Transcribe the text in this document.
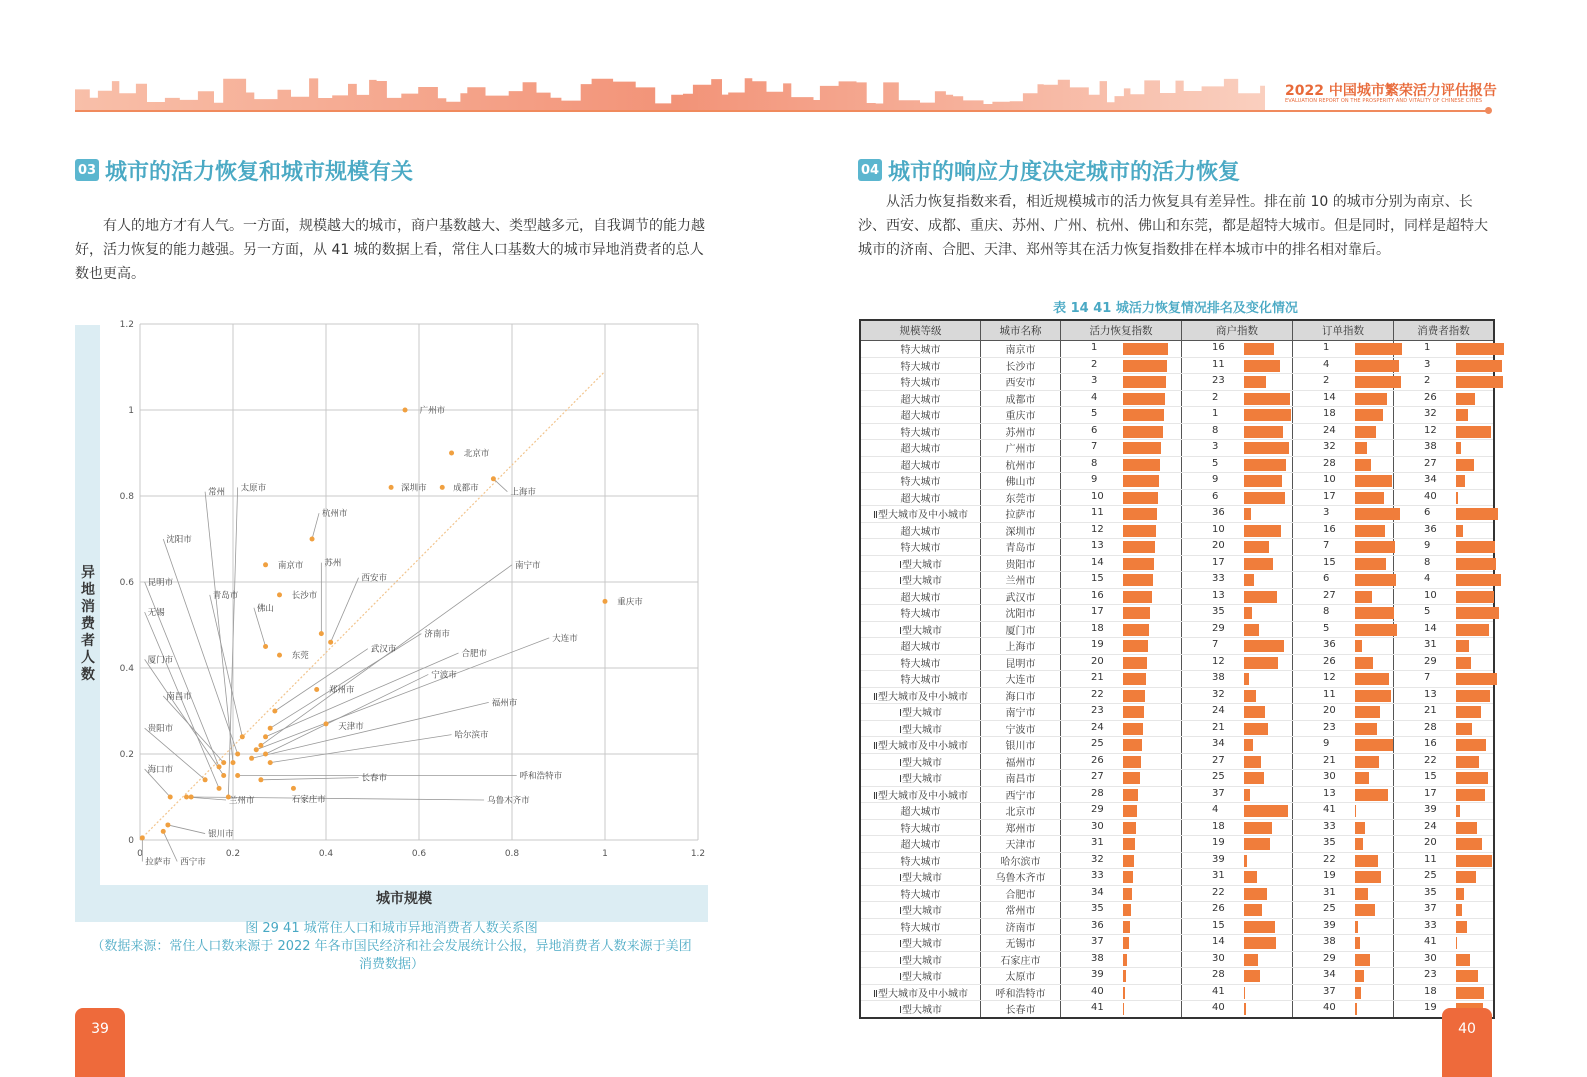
2022 中国城市繁荣活力评估报告
EVALUATION REPORT ON THE PROSPERITY AND VITALITY OF CHINESE CITIES
03 城市的活力恢复和城市规模有关

有人的地方才有人气。一方面，规模越大的城市，商户基数越大、类型越多元，自我调节的能力越好，活力恢复的能力越强。另一方面，从 41 城的数据上看，常住人口基数大的城市异地消费者的总人数也更高。

异
地
消
费
者
人
数
0	0.2	0.4	0.6	0.8	1	1.2
0
0.2
0.4
0.6
0.8
1
1.2
广州市
北京市
深圳市	成都市	上海市
重庆市
杭州市
南京市
长沙市
苏州
西安市
东莞
佛山
郑州市
武汉市
天津市
济南市
合肥市
南宁市
大连市
宁波市
福州市
哈尔滨市
长春市	呼和浩特市
石家庄市	乌鲁木齐市
兰州市
太原市
常州
沈阳市
昆明市
青岛市
无锡
厦门市
南昌市
贵阳市
海口市
银川市
拉萨市 西宁市
城市规模
图 29 41 城常住人口和城市异地消费者人数关系图
（数据来源：常住人口数来源于 2022 年各市国民经济和社会发展统计公报，异地消费者人数来源于美团消费数据）
04 城市的响应力度决定城市的活力恢复

从活力恢复指数来看，相近规模城市的活力恢复具有差异性。排在前 10 的城市分别为南京、长沙、西安、成都、重庆、苏州、广州、杭州、佛山和东莞，都是超特大城市。但是同时，同样是超特大城市的济南、合肥、天津、郑州等其在活力恢复指数排在样本城市中的排名相对靠后。

表 14 41 城活力恢复情况排名及变化情况
规模等级	城市名称	活力恢复指数	商户指数	订单指数	消费者指数
特大城市	南京市	1	16	1	1

特大城市	长沙市	2	11	4	3

特大城市	西安市	3	23	2	2

超大城市	成都市	4	2	14	26

超大城市	重庆市	5	1	18	32

特大城市	苏州市	6	8	24	12

超大城市	广州市	7	3	32	38

超大城市	杭州市	8	5	28	27

特大城市	佛山市	9	9	10	34

超大城市	东莞市	10	6	17	40

Ⅱ型大城市及中小城市	拉萨市	11	36	3	6

超大城市	深圳市	12	10	16	36

特大城市	青岛市	13	20	7	9

Ⅰ型大城市	贵阳市	14	17	15	8

Ⅰ型大城市	兰州市	15	33	6	4

超大城市	武汉市	16	13	27	10

特大城市	沈阳市	17	35	8	5

Ⅰ型大城市	厦门市	18	29	5	14

超大城市	上海市	19	7	36	31

特大城市	昆明市	20	12	26	29

特大城市	大连市	21	38	12	7

Ⅱ型大城市及中小城市	海口市	22	32	11	13

Ⅰ型大城市	南宁市	23	24	20	21

Ⅰ型大城市	宁波市	24	21	23	28

Ⅱ型大城市及中小城市	银川市	25	34	9	16

Ⅰ型大城市	福州市	26	27	21	22

Ⅰ型大城市	南昌市	27	25	30	15

Ⅱ型大城市及中小城市	西宁市	28	37	13	17

超大城市	北京市	29	4	41	39

特大城市	郑州市	30	18	33	24

超大城市	天津市	31	19	35	20

特大城市	哈尔滨市	32	39	22	11

Ⅰ型大城市	乌鲁木齐市	33	31	19	25

特大城市	合肥市	34	22	31	35

Ⅰ型大城市	常州市	35	26	25	37

特大城市	济南市	36	15	39	33

Ⅰ型大城市	无锡市	37	14	38	41

Ⅰ型大城市	石家庄市	38	30	29	30

Ⅰ型大城市	太原市	39	28	34	23

Ⅱ型大城市及中小城市	呼和浩特市	40	41	37	18

Ⅰ型大城市	长春市	41	40	40	19
39	40
